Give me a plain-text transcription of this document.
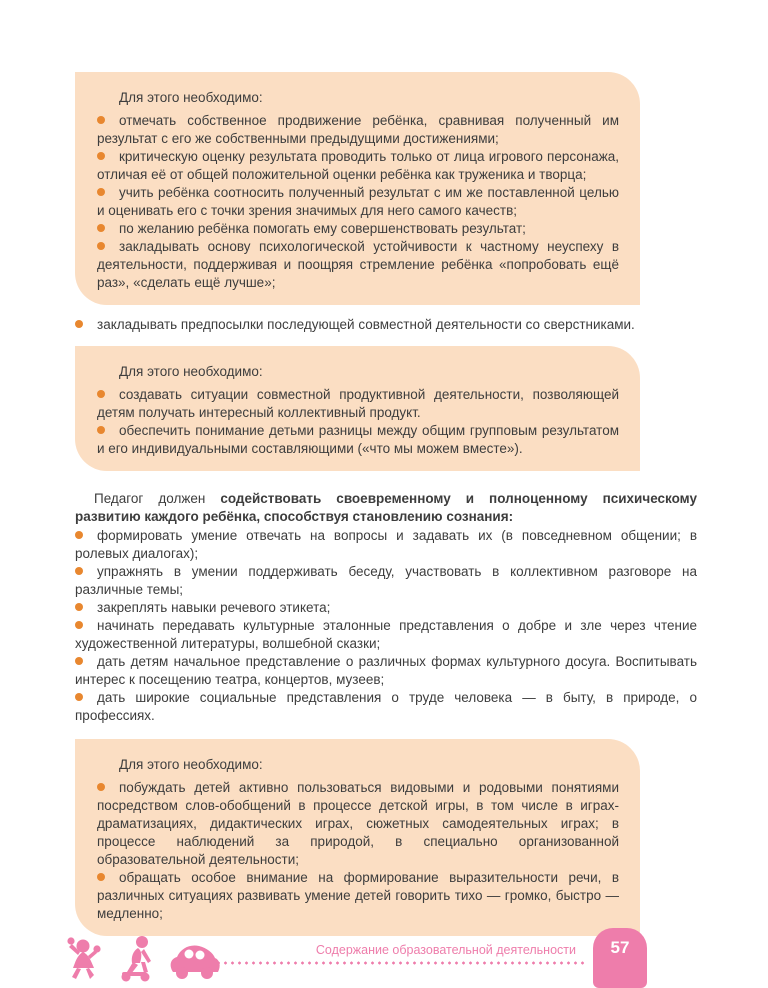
Для этого необходимо:

отмечать собственное продвижение ребёнка, сравнивая полученный им результат с его же собственными предыдущими достижениями;

критическую оценку результата проводить только от лица игрового персонажа, отличая её от общей положительной оценки ребёнка как труженика и творца;

учить ребёнка соотносить полученный результат с им же поставленной целью и оценивать его с точки зрения значимых для него самого качеств;

по желанию ребёнка помогать ему совершенствовать результат;

закладывать основу психологической устойчивости к частному неуспеху в деятельности, поддерживая и поощряя стремление ребёнка «попробовать ещё раз», «сделать ещё лучше»;

закладывать предпосылки последующей совместной деятельности со сверстниками.

Для этого необходимо:

создавать ситуации совместной продуктивной деятельности, позволяющей детям получать интересный коллективный продукт.

обеспечить понимание детьми разницы между общим групповым результатом и его индивидуальными составляющими («что мы можем вместе»).

Педагог должен содействовать своевременному и полноценному психическому развитию каждого ребёнка, способствуя становлению сознания:

формировать умение отвечать на вопросы и задавать их (в повседневном общении; в ролевых диалогах);

упражнять в умении поддерживать беседу, участвовать в коллективном разговоре на различные темы;

закреплять навыки речевого этикета;

начинать передавать культурные эталонные представления о добре и зле через чтение художественной литературы, волшебной сказки;

дать детям начальное представление о различных формах культурного досуга. Воспитывать интерес к посещению театра, концертов, музеев;

дать широкие социальные представления о труде человека — в быту, в природе, о профессиях.

Для этого необходимо:

побуждать детей активно пользоваться видовыми и родовыми понятиями посредством слов-обобщений в процессе детской игры, в том числе в играх-драматизациях, дидактических играх, сюжетных самодеятельных играх; в процессе наблюдений за природой, в специально организованной образовательной деятельности;

обращать особое внимание на формирование выразительности речи, в различных ситуациях развивать умение детей говорить тихо — громко, быстро — медленно;

Содержание образовательной деятельности	57
